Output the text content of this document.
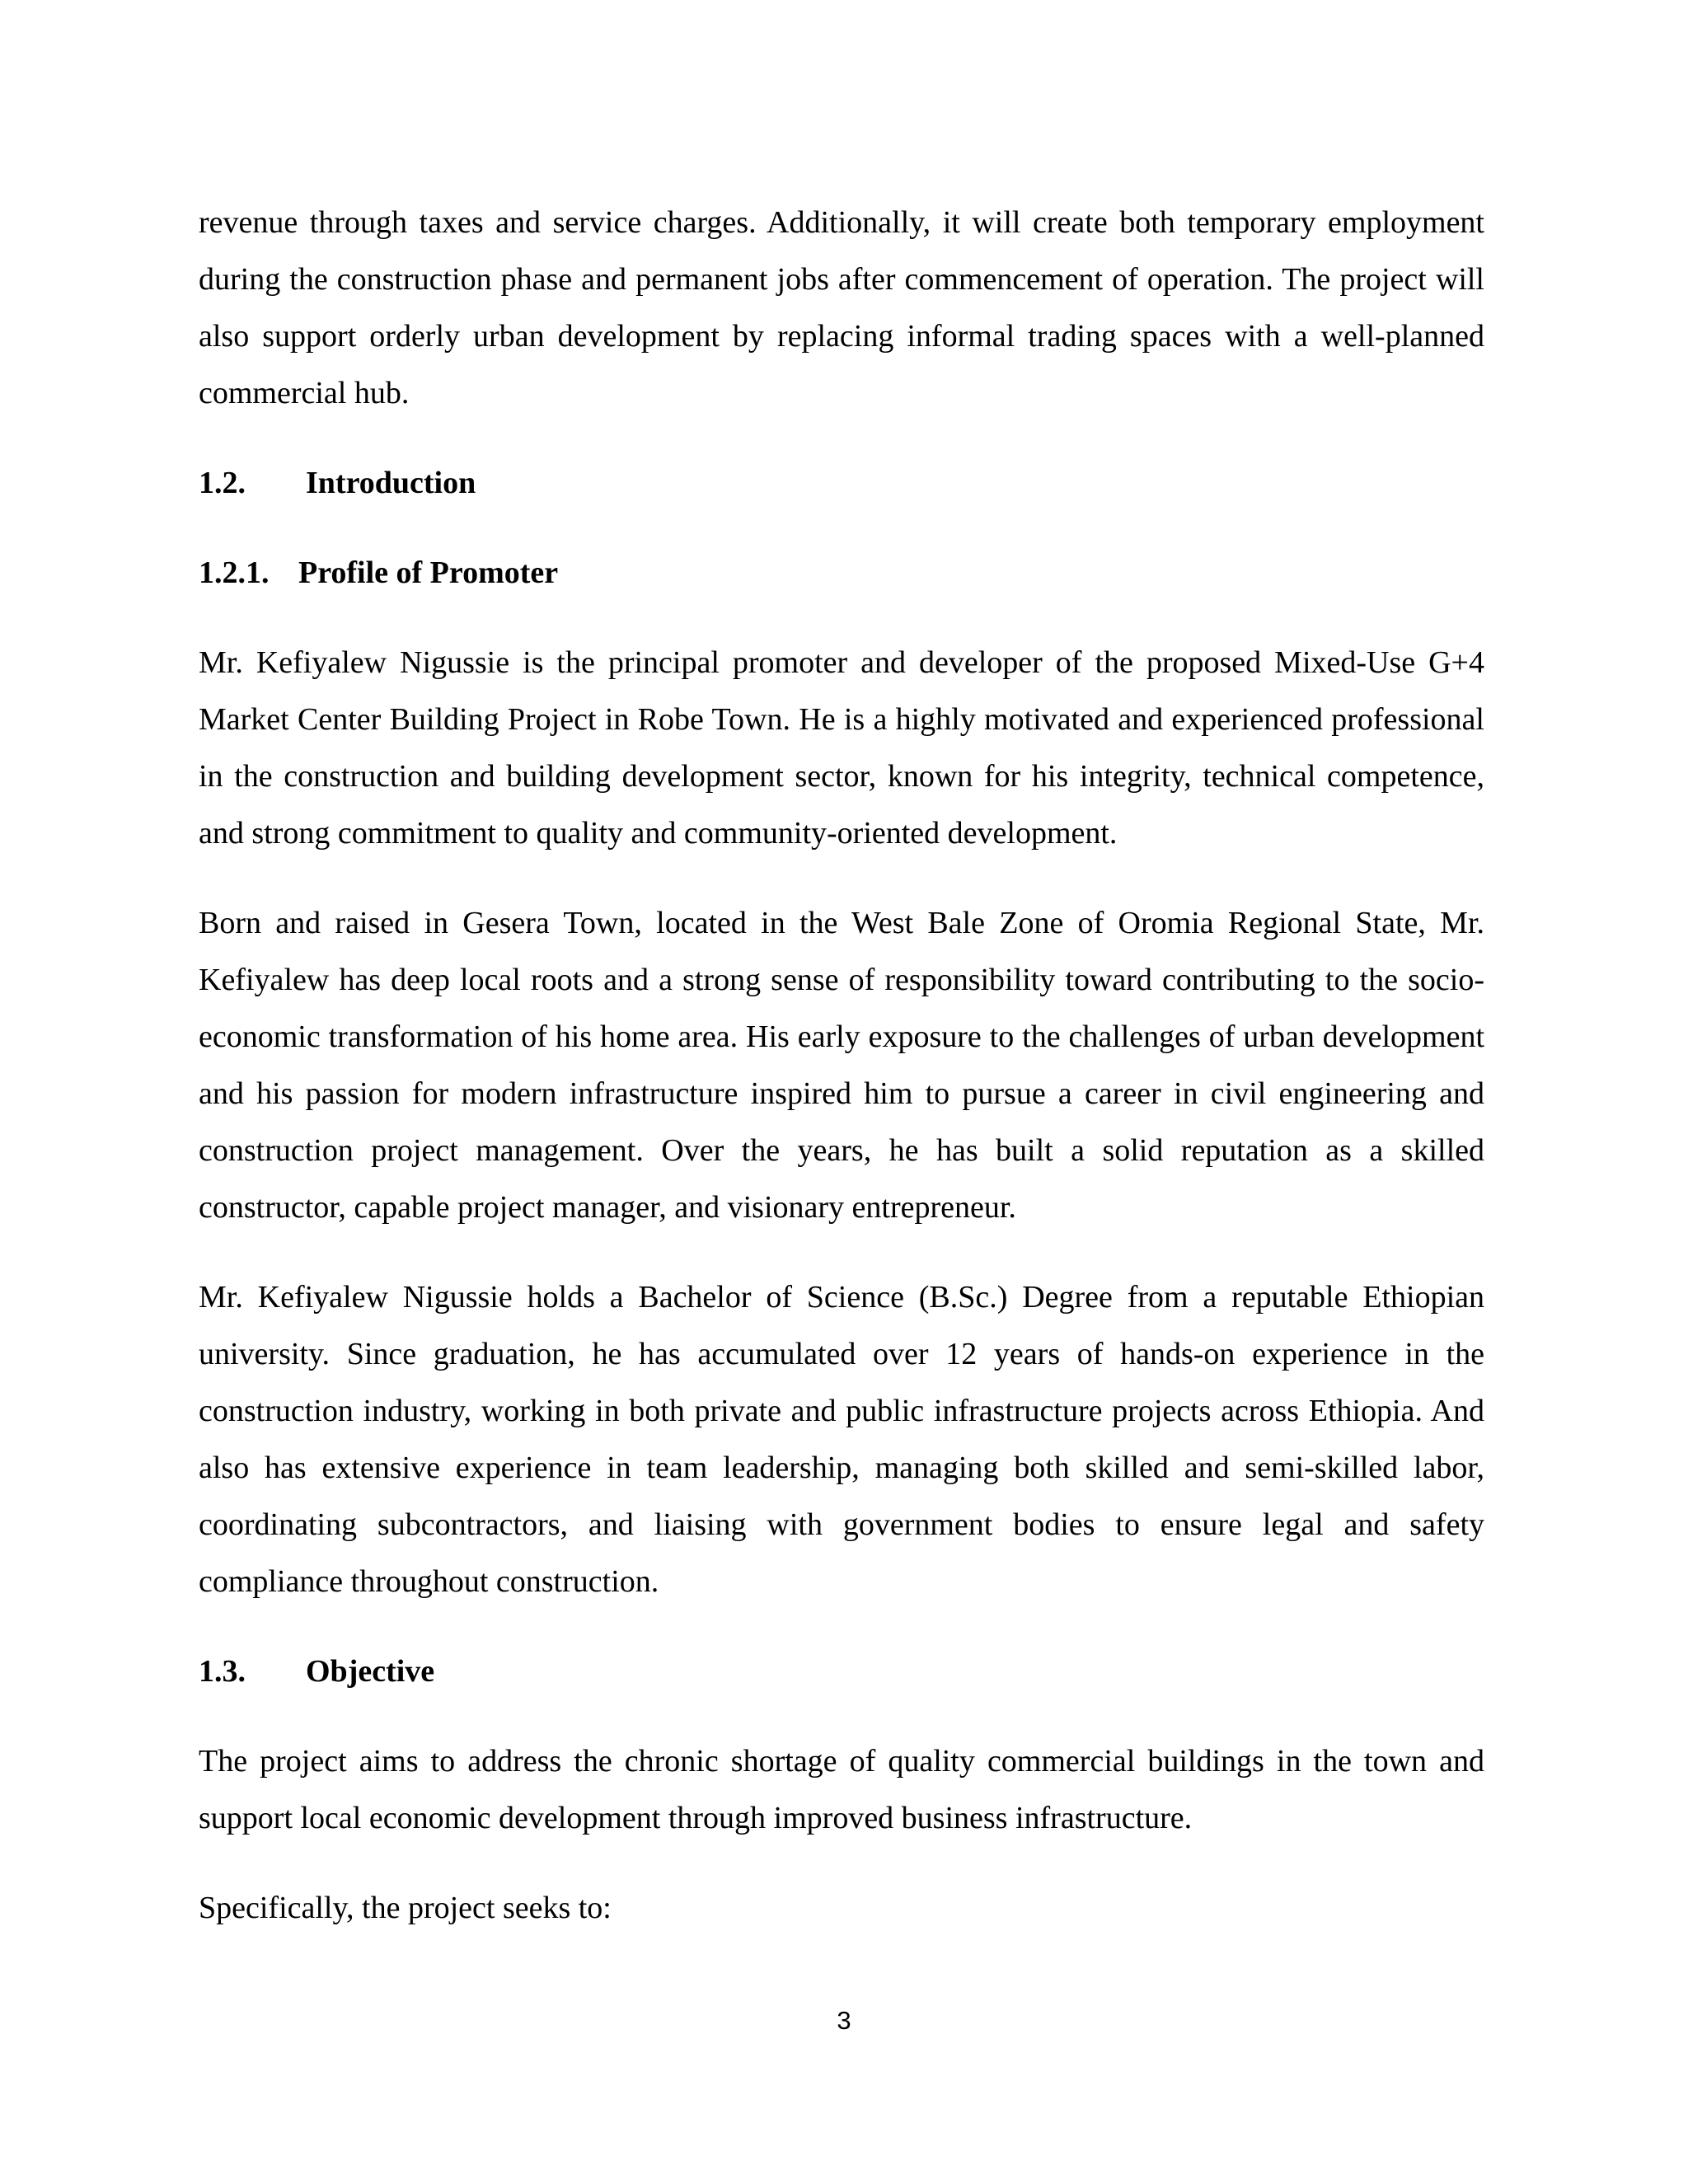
revenue through taxes and service charges. Additionally, it will create both temporary employment during the construction phase and permanent jobs after commencement of operation. The project will also support orderly urban development by replacing informal trading spaces with a well-planned commercial hub.

1.2.	Introduction
1.2.1. Profile of Promoter

Mr. Kefiyalew Nigussie is the principal promoter and developer of the proposed Mixed-Use G+4 Market Center Building Project in Robe Town. He is a highly motivated and experienced professional in the construction and building development sector, known for his integrity, technical competence, and strong commitment to quality and community-oriented development.

Born and raised in Gesera Town, located in the West Bale Zone of Oromia Regional State, Mr. Kefiyalew has deep local roots and a strong sense of responsibility toward contributing to the socio-economic transformation of his home area. His early exposure to the challenges of urban development and his passion for modern infrastructure inspired him to pursue a career in civil engineering and construction project management. Over the years, he has built a solid reputation as a skilled constructor, capable project manager, and visionary entrepreneur.

Mr. Kefiyalew Nigussie holds a Bachelor of Science (B.Sc.) Degree from a reputable Ethiopian university. Since graduation, he has accumulated over 12 years of hands-on experience in the construction industry, working in both private and public infrastructure projects across Ethiopia. And also has extensive experience in team leadership, managing both skilled and semi-skilled labor, coordinating subcontractors, and liaising with government bodies to ensure legal and safety compliance throughout construction.

1.3.	Objective

The project aims to address the chronic shortage of quality commercial buildings in the town and support local economic development through improved business infrastructure.

Specifically, the project seeks to:

3
